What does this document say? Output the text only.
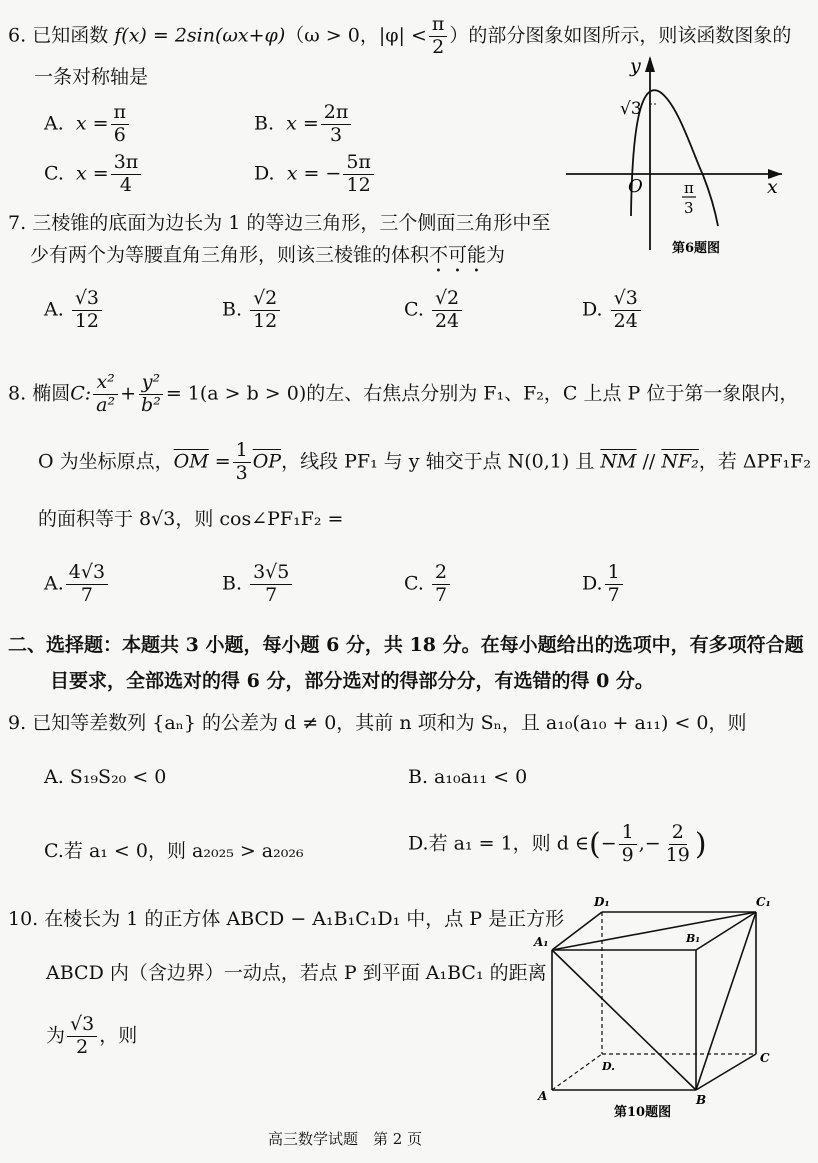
6. 已知函数 f(x) = 2sin(ωx+φ)（ω > 0，$|\varphi| < \frac{\pi}{2}$ ）的部分图象如图所示，则该函数图象的
一条对称轴是
A. $x = \frac{\pi}{6}$	B. $x = \frac{2\pi}{3}$
C. $x = \frac{3\pi}{4}$	D. x = − $\frac{5\pi}{12}$
y
x
O
√3
π
3
第6题图
7. 三棱锥的底面为边长为 1 的等边三角形，三个侧面三角形中至
少有两个为等腰直角三角形，则该三棱锥的体积不可能为
A. $\frac{√3}{12}$	B. $\frac{√2}{12}$	C. $\frac{√2}{24}$	D. $\frac{√3}{24}$
8. 椭圆C: $\frac{\text{x²}}{\text{a²}} + \frac{\text{y²}}{\text{b²}} = 1(a > b > 0)$的左、右焦点分别为 F₁、F₂，C 上点 P 位于第一象限内，
O 为坐标原点，$\overline{OM} = \frac{1}{3} \overline{OP}$，线段 PF₁ 与 y 轴交于点 N(0,1) 且 $\overline{NM} // NF_2$，若 ΔPF₁F₂
的面积等于 8√3，则 cos∠PF₁F₂ =
A. $\frac{4√3}{7}$	B. $\frac{3√5}{7}$	C. $\frac{2}{7}$	D. $\frac{1}{7}$
二、选择题：本题共 3 小题，每小题 6 分，共 18 分。在每小题给出的选项中，有多项符合题
目要求，全部选对的得 6 分，部分选对的得部分分，有选错的得 0 分。
9. 已知等差数列 {aₙ} 的公差为 d ≠ 0，其前 n 项和为 Sₙ，且 a₁₀(a₁₀ + a₁₁) < 0，则
A. S₁₉S₂₀ < 0	B. a₁₀a₁₁ < 0
C.若 a₁ < 0，则 a₂₀₂₅ > a₂₀₂₆	D.若 a₁ = 1，则 d ∈(− $\frac{1}{9}$ ,− $\frac{2}{19}$ )
10. 在棱长为 1 的正方体 ABCD − A₁B₁C₁D₁ 中，点 P 是正方形
ABCD 内（含边界）一动点，若点 P 到平面 A₁BC₁ 的距离
为 $\frac{√3}{2}$ ，则
D₁	C₁
A₁	B₁
D.
C
A	B
第10题图
高三数学试题　第 2 页
